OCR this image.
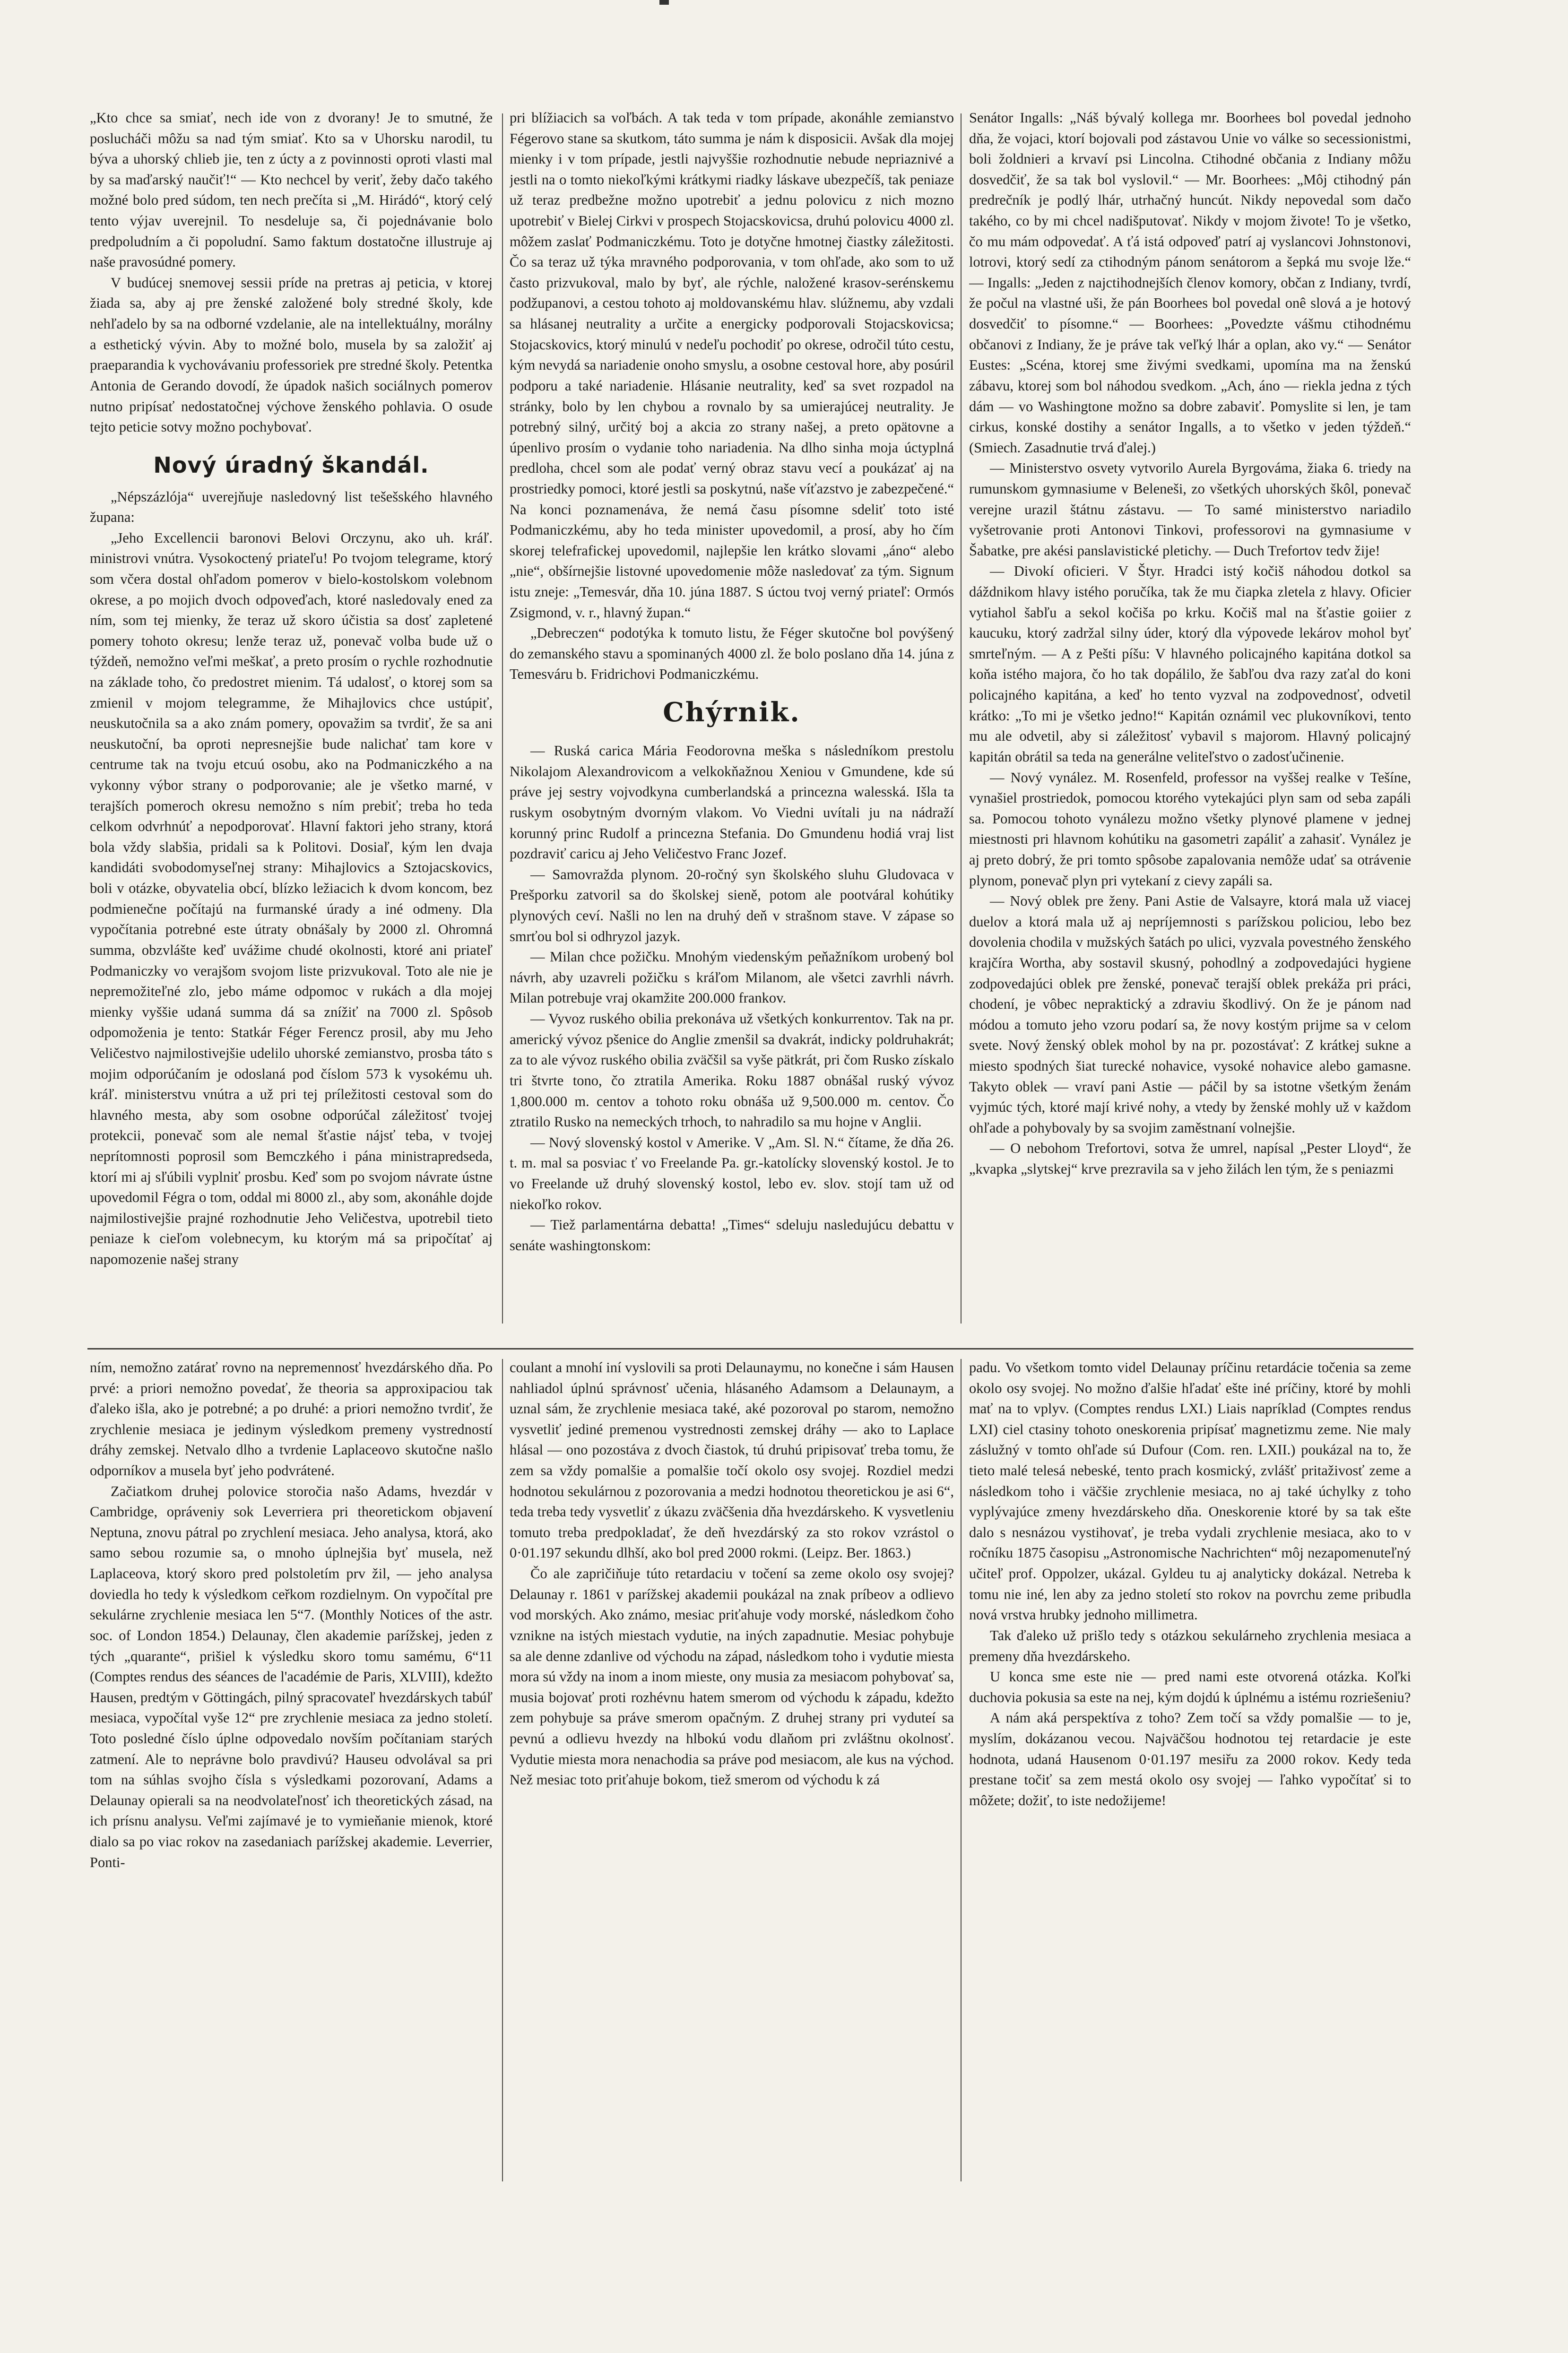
„Kto chce sa smiať, nech ide von z dvorany! Je to smutné, že poslucháči môžu sa nad tým smiať. Kto sa v Uhorsku narodil, tu býva a uhorský chlieb jie, ten z úcty a z povinnosti oproti vlasti mal by sa maďarský naučiť!“ — Kto nechcel by veriť, žeby dačo takého možné bolo pred súdom, ten nech prečíta si „M. Hirádó“, ktorý celý tento výjav uverejnil. To nesdeluje sa, či pojednávanie bolo predpoludním a či popoludní. Samo faktum dostatočne illustruje aj naše pravosúdné pomery.

V budúcej snemovej sessii príde na pretras aj peticia, v ktorej žiada sa, aby aj pre ženské založené boly stredné školy, kde nehľadelo by sa na odborné vzdelanie, ale na intellektuálny, morálny a esthetický vývin. Aby to možné bolo, musela by sa založiť aj praeparandia k vychovávaniu professoriek pre stredné školy. Petentka Antonia de Gerando dovodí, že úpadok našich sociálnych pomerov nutno pripísať nedostatočnej výchove ženského pohlavia. O osude tejto peticie sotvy možno pochybovať.

Nový úradný škandál.

„Népszázlója“ uverejňuje nasledovný list tešešského hlavného župana:

„Jeho Excellencii baronovi Belovi Orczynu, ako uh. kráľ. ministrovi vnútra. Vysokoctený priateľu! Po tvojom telegrame, ktorý som včera dostal ohľadom pomerov v bielo-kostolskom volebnom okrese, a po mojich dvoch odpoveďach, ktoré nasledovaly ened za ním, som tej mienky, že teraz už skoro účistia sa dosť zapletené pomery tohoto okresu; lenže teraz už, ponevač volba bude už o týždeň, nemožno veľmi meškať, a preto prosím o rychle rozhodnutie na základe toho, čo predostret mienim. Tá udalosť, o ktorej som sa zmienil v mojom telegramme, že Mihajlovics chce ustúpiť, neuskutočnila sa a ako znám pomery, opovažim sa tvrdiť, že sa ani neuskutoční, ba oproti nepresnejšie bude nalichať tam kore v centrume tak na tvoju etcuú osobu, ako na Podmaniczkého a na vykonny výbor strany o podporovanie; ale je všetko marné, v terajších pomeroch okresu nemožno s ním prebiť; treba ho teda celkom odvrhnúť a nepodporovať. Hlavní faktori jeho strany, ktorá bola vždy slabšia, pridali sa k Politovi. Dosiaľ, kým len dvaja kandidáti svobodomyseľnej strany: Mihajlovics a Sztojacskovics, boli v otázke, obyvatelia obcí, blízko ležiacich k dvom koncom, bez podmienečne počítajú na furmanské úrady a iné odmeny. Dla vypočítania potrebné este útraty obnášaly by 2000 zl. Ohromná summa, obzvlášte keď uvážime chudé okolnosti, ktoré ani priateľ Podmaniczky vo verajšom svojom liste prizvukoval. Toto ale nie je nepremožiteľné zlo, jebo máme odpomoc v rukách a dla mojej mienky vyššie udaná summa dá sa znížiť na 7000 zl. Spôsob odpomoženia je tento: Statkár Féger Ferencz prosil, aby mu Jeho Veličestvo najmilostivejšie udelilo uhorské zemianstvo, prosba táto s mojim odporúčaním je odoslaná pod číslom 573 k vysokému uh. kráľ. ministerstvu vnútra a už pri tej príležitosti cestoval som do hlavného mesta, aby som osobne odporúčal záležitosť tvojej protekcii, ponevač som ale nemal šťastie nájsť teba, v tvojej neprítomnosti poprosil som Bemczkého i pána ministrapredseda, ktorí mi aj sľúbili vyplniť prosbu. Keď som po svojom návrate ústne upovedomil Fégra o tom, oddal mi 8000 zl., aby som, akonáhle dojde najmilostivejšie prajné rozhodnutie Jeho Veličestva, upotrebil tieto peniaze k cieľom volebnecym, ku ktorým má sa pripočítať aj napomozenie našej strany

pri blížiacich sa voľbách. A tak teda v tom prípade, akonáhle zemianstvo Fégerovo stane sa skutkom, táto summa je nám k disposicii. Avšak dla mojej mienky i v tom prípade, jestli najvyššie rozhodnutie nebude nepriaznivé a jestli na o tomto niekoľkými krátkymi riadky láskave ubezpečíš, tak peniaze už teraz predbežne možno upotrebiť a jednu polovicu z nich mozno upotrebiť v Bielej Cirkvi v prospech Stojacskovicsa, druhú polovicu 4000 zl. môžem zaslať Podmaniczkému. Toto je dotyčne hmotnej čiastky záležitosti. Čo sa teraz už týka mravného podporovania, v tom ohľade, ako som to už často prizvukoval, malo by byť, ale rýchle, naložené krasov-serénskemu podžupanovi, a cestou tohoto aj moldovanskému hlav. slúžnemu, aby vzdali sa hlásanej neutrality a určite a energicky podporovali Stojacskovicsa; Stojacskovics, ktorý minulú v nedeľu pochodiť po okrese, odročil túto cestu, kým nevydá sa nariadenie onoho smyslu, a osobne cestoval hore, aby posúril podporu a také nariadenie. Hlásanie neutrality, keď sa svet rozpadol na stránky, bolo by len chybou a rovnalo by sa umierajúcej neutrality. Je potrebný silný, určitý boj a akcia zo strany našej, a preto opätovne a úpenlivo prosím o vydanie toho nariadenia. Na dlho sinha moja úctyplná predloha, chcel som ale podať verný obraz stavu vecí a poukázať aj na prostriedky pomoci, ktoré jestli sa poskytnú, naše víťazstvo je zabezpečené.“ Na konci poznamenáva, že nemá času písomne sdeliť toto isté Podmaniczkému, aby ho teda minister upovedomil, a prosí, aby ho čím skorej telefrafickej upovedomil, najlepšie len krátko slovami „áno“ alebo „nie“, obšírnejšie listovné upovedomenie môže nasledovať za tým. Signum istu zneje: „Temesvár, dňa 10. júna 1887. S úctou tvoj verný priateľ: Ormós Zsigmond, v. r., hlavný župan.“

„Debreczen“ podotýka k tomuto listu, že Féger skutočne bol povýšený do zemanského stavu a spominaných 4000 zl. že bolo poslano dňa 14. júna z Temesváru b. Fridrichovi Podmaniczkému.

Chýrnik.

— Ruská carica Mária Feodorovna meška s následníkom prestolu Nikolajom Alexandrovicom a velkokňažnou Xeniou v Gmundene, kde sú práve jej sestry vojvodkyna cumberlandská a princezna walesská. Išla ta ruskym osobytným dvorným vlakom. Vo Viedni uvítali ju na nádraží korunný princ Rudolf a princezna Stefania. Do Gmundenu hodiá vraj list pozdraviť caricu aj Jeho Veličestvo Franc Jozef.

— Samovražda plynom. 20-ročný syn školského sluhu Gludovaca v Prešporku zatvoril sa do školskej sieně, potom ale pootváral kohútiky plynových ceví. Našli no len na druhý deň v strašnom stave. V zápase so smrťou bol si odhryzol jazyk.

— Milan chce požičku. Mnohým viedenským peňažníkom urobený bol návrh, aby uzavreli požičku s kráľom Milanom, ale všetci zavrhli návrh. Milan potrebuje vraj okamžite 200.000 frankov.

— Vyvoz ruského obilia prekonáva už všetkých konkurrentov. Tak na pr. americký vývoz pšenice do Anglie zmenšil sa dvakrát, indicky poldruhakrát; za to ale vývoz ruského obilia zväčšil sa vyše pätkrát, pri čom Rusko získalo tri štvrte tono, čo ztratila Amerika. Roku 1887 obnášal ruský vývoz 1,800.000 m. centov a tohoto roku obnáša už 9,500.000 m. centov. Čo ztratilo Rusko na nemeckých trhoch, to nahradilo sa mu hojne v Anglii.

— Nový slovenský kostol v Amerike. V „Am. Sl. N.“ čítame, že dňa 26. t. m. mal sa posviac ť vo Freelande Pa. gr.-katolícky slovenský kostol. Je to vo Freelande už druhý slovenský kostol, lebo ev. slov. stojí tam už od niekoľko rokov.

— Tiež parlamentárna debatta! „Times“ sdeluju nasledujúcu debattu v senáte washingtonskom:

Senátor Ingalls: „Náš bývalý kollega mr. Boorhees bol povedal jednoho dňa, že vojaci, ktorí bojovali pod zástavou Unie vo válke so secessionistmi, boli žoldnieri a krvaví psi Lincolna. Ctihodné občania z Indiany môžu dosvedčiť, že sa tak bol vyslovil.“ — Mr. Boorhees: „Môj ctihodný pán predrečník je podlý lhár, utrhačný huncút. Nikdy nepovedal som dačo takého, co by mi chcel nadišputovať. Nikdy v mojom živote! To je všetko, čo mu mám odpovedať. A ťá istá odpoveď patrí aj vyslancovi Johnstonovi, lotrovi, ktorý sedí za ctihodným pánom senátorom a šepká mu svoje lže.“ — Ingalls: „Jeden z najctihodnejších členov komory, občan z Indiany, tvrdí, že počul na vlastné uši, že pán Boorhees bol povedal onê slová a je hotový dosvedčiť to písomne.“ — Boorhees: „Povedzte vášmu ctihodnému občanovi z Indiany, že je práve tak veľký lhár a oplan, ako vy.“ — Senátor Eustes: „Scéna, ktorej sme živými svedkami, upomína ma na ženskú zábavu, ktorej som bol náhodou svedkom. „Ach, áno — riekla jedna z tých dám — vo Washingtone možno sa dobre zabaviť. Pomyslite si len, je tam cirkus, konské dostihy a senátor Ingalls, a to všetko v jeden týždeň.“ (Smiech. Zasadnutie trvá ďalej.)

— Ministerstvo osvety vytvorilo Aurela Byrgováma, žiaka 6. triedy na rumunskom gymnasiume v Beleneši, zo všetkých uhorských škôl, ponevač verejne urazil štátnu zástavu. — To samé ministerstvo nariadilo vyšetrovanie proti Antonovi Tinkovi, professorovi na gymnasiume v Šabatke, pre akési panslavistické pletichy. — Duch Trefortov tedv žije!

— Divokí oficieri. V Štyr. Hradci istý kočiš náhodou dotkol sa dáždnikom hlavy istého poručíka, tak že mu čiapka zletela z hlavy. Oficier vytiahol šabľu a sekol kočiša po krku. Kočiš mal na šťastie goiier z kaucuku, ktorý zadržal silny úder, ktorý dla výpovede lekárov mohol byť smrteľným. — A z Pešti píšu: V hlavného policajného kapitána dotkol sa koňa istého majora, čo ho tak dopálilo, že šabľou dva razy zaťal do koni policajného kapitána, a keď ho tento vyzval na zodpovednosť, odvetil krátko: „To mi je všetko jedno!“ Kapitán oznámil vec plukovníkovi, tento mu ale odvetil, aby si záležitosť vybavil s majorom. Hlavný policajný kapitán obrátil sa teda na generálne veliteľstvo o zadosťučinenie.

— Nový vynález. M. Rosenfeld, professor na vyššej realke v Tešíne, vynašiel prostriedok, pomocou ktorého vytekajúci plyn sam od seba zapáli sa. Pomocou tohoto vynálezu možno všetky plynové plamene v jednej miestnosti pri hlavnom kohútiku na gasometri zapáliť a zahasiť. Vynález je aj preto dobrý, že pri tomto spôsobe zapalovania nemôže udať sa otrávenie plynom, ponevač plyn pri vytekaní z cievy zapáli sa.

— Nový oblek pre ženy. Pani Astie de Valsayre, ktorá mala už viacej duelov a ktorá mala už aj nepríjemnosti s parížskou policiou, lebo bez dovolenia chodila v mužských šatách po ulici, vyzvala povestného ženského krajčíra Wortha, aby sostavil skusný, pohodlný a zodpovedajúci hygiene zodpovedajúci oblek pre ženské, ponevač terajší oblek prekáža pri práci, chodení, je vôbec nepraktický a zdraviu škodlivý. On že je pánom nad módou a tomuto jeho vzoru podarí sa, že novy kostým prijme sa v celom svete. Nový ženský oblek mohol by na pr. pozostávať: Z krátkej sukne a miesto spodných šiat turecké nohavice, vysoké nohavice alebo gamasne. Takyto oblek — vraví pani Astie — páčil by sa istotne všetkým ženám vyjmúc tých, ktoré mají krivé nohy, a vtedy by ženské mohly už v každom ohľade a pohybovaly by sa svojim zaměstnaní volnejšie.

— O nebohom Trefortovi, sotva že umrel, napísal „Pester Lloyd“, že „kvapka „slytskej“ krve prezravila sa v jeho žilách len tým, že s peniazmi

ním, nemožno zatárať rovno na nepremennosť hvezdárského dňa. Po prvé: a priori nemožno povedať, že theoria sa approxipaciou tak ďaleko išla, ako je potrebné; a po druhé: a priori nemožno tvrdiť, že zrychlenie mesiaca je jedinym výsledkom premeny vystredností dráhy zemskej. Netvalo dlho a tvrdenie Laplaceovo skutočne našlo odporníkov a musela byť jeho podvrátené.

Začiatkom druhej polovice storočia našo Adams, hvezdár v Cambridge, opráveniy sok Leverriera pri theoretickom objavení Neptuna, znovu pátral po zrychlení mesiaca. Jeho analysa, ktorá, ako samo sebou rozumie sa, o mnoho úplnejšia byť musela, než Laplaceova, ktorý skoro pred polstoletím prv žil, — jeho analysa doviedla ho tedy k výsledkom ceřkom rozdielnym. On vypočítal pre sekulárne zrychlenie mesiaca len 5“7. (Monthly Notices of the astr. soc. of London 1854.) Delaunay, člen akademie parížskej, jeden z tých „quarante“, prišiel k výsledku skoro tomu samému, 6“11 (Comptes rendus des séances de l'académie de Paris, XLVIII), kdežto Hausen, predtým v Göttingách, pilný spracovateľ hvezdárskych tabúľ mesiaca, vypočítal vyše 12“ pre zrychlenie mesiaca za jedno století. Toto posledné číslo úplne odpovedalo novším počítaniam starých zatmení. Ale to neprávne bolo pravdivú? Hauseu odvolával sa pri tom na súhlas svojho čísla s výsledkami pozorovaní, Adams a Delaunay opierali sa na neodvolateľnosť ich theoretických zásad, na ich prísnu analysu. Veľmi zajímavé je to vymieňanie mienok, ktoré dialo sa po viac rokov na zasedaniach parížskej akademie. Leverrier, Ponti-

coulant a mnohí iní vyslovili sa proti Delaunaymu, no konečne i sám Hausen nahliadol úplnú správnosť učenia, hlásaného Adamsom a Delaunaym, a uznal sám, že zrychlenie mesiaca také, aké pozoroval po starom, nemožno vysvetliť jediné premenou vystrednosti zemskej dráhy — ako to Laplace hlásal — ono pozostáva z dvoch čiastok, tú druhú pripisovať treba tomu, že zem sa vždy pomalšie a pomalšie točí okolo osy svojej. Rozdiel medzi hodnotou sekulárnou z pozorovania a medzi hodnotou theoretickou je asi 6“, teda treba tedy vysvetliť z úkazu zväčšenia dňa hvezdárskeho. K vysvetleniu tomuto treba predpokladať, že deň hvezdárský za sto rokov vzrástol o 0·01.197 sekundu dlhší, ako bol pred 2000 rokmi. (Leipz. Ber. 1863.)

Čo ale zapričiňuje túto retardaciu v točení sa zeme okolo osy svojej? Delaunay r. 1861 v parížskej akademii poukázal na znak príbeov a odlievo vod morských. Ako známo, mesiac priťahuje vody morské, následkom čoho vznikne na istých miestach vydutie, na iných zapadnutie. Mesiac pohybuje sa ale denne zdanlive od východu na západ, následkom toho i vydutie miesta mora sú vždy na inom a inom mieste, ony musia za mesiacom pohybovať sa, musia bojovať proti rozhévnu hatem smerom od východu k západu, kdežto zem pohybuje sa práve smerom opačným. Z druhej strany pri vyduteí sa pevnú a odlievu hvezdy na hlbokú vodu dlaňom pri zvláštnu okolnosť. Vydutie miesta mora nenachodia sa práve pod mesiacom, ale kus na východ. Než mesiac toto priťahuje bokom, tiež smerom od východu k zá

padu. Vo všetkom tomto videl Delaunay príčinu retardácie točenia sa zeme okolo osy svojej. No možno ďalšie hľadať ešte iné príčiny, ktoré by mohli mať na to vplyv. (Comptes rendus LXI.) Liais napríklad (Comptes rendus LXI) ciel ctasiny tohoto oneskorenia pripísať magnetizmu zeme. Nie maly záslužný v tomto ohľade sú Dufour (Com. ren. LXII.) poukázal na to, že tieto malé telesá nebeské, tento prach kosmický, zvlášť pritaživosť zeme a následkom toho i väčšie zrychlenie mesiaca, no aj také úchylky z toho vyplývajúce zmeny hvezdárskeho dňa. Oneskorenie ktoré by sa tak ešte dalo s nesnázou vystihovať, je treba vydali zrychlenie mesiaca, ako to v ročníku 1875 časopisu „Astronomische Nachrichten“ môj nezapomenuteľný učiteľ prof. Oppolzer, ukázal. Gyldeu tu aj analyticky dokázal. Netreba k tomu nie iné, len aby za jedno století sto rokov na povrchu zeme pribudla nová vrstva hrubky jednoho millimetra.

Tak ďaleko už prišlo tedy s otázkou sekulárneho zrychlenia mesiaca a premeny dňa hvezdárskeho.

U konca sme este nie — pred nami este otvorená otázka. Koľki duchovia pokusia sa este na nej, kým dojdú k úplnému a istému rozriešeniu?

A nám aká perspektíva z toho? Zem točí sa vždy pomalšie — to je, myslím, dokázanou vecou. Najväčšou hodnotou tej retardacie je este hodnota, udaná Hausenom 0·01.197 mesiřu za 2000 rokov. Kedy teda prestane točiť sa zem mestá okolo osy svojej — ľahko vypočítať si to môžete; dožiť, to iste nedožijeme!
